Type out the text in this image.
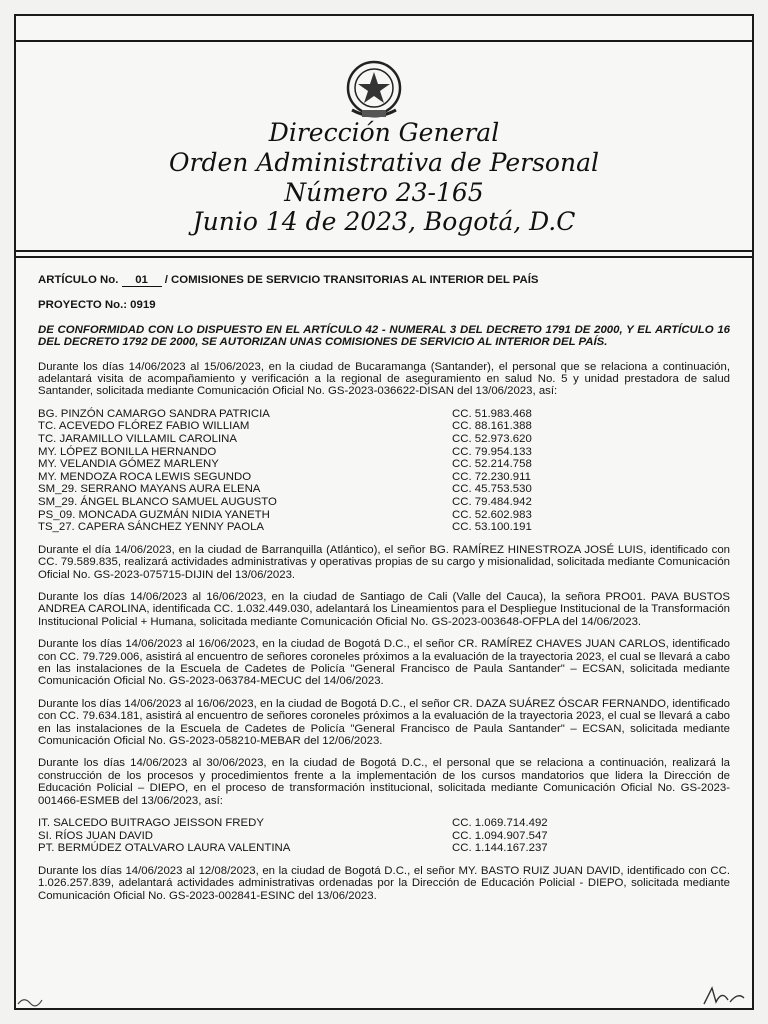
Dirección General
Orden Administrativa de Personal
Número 23-165
Junio 14 de 2023, Bogotá, D.C

ARTÍCULO No. 01 / COMISIONES DE SERVICIO TRANSITORIAS AL INTERIOR DEL PAÍS

PROYECTO No.: 0919

DE CONFORMIDAD CON LO DISPUESTO EN EL ARTÍCULO 42 - NUMERAL 3 DEL DECRETO 1791 DE 2000, Y EL ARTÍCULO 16 DEL DECRETO 1792 DE 2000, SE AUTORIZAN UNAS COMISIONES DE SERVICIO AL INTERIOR DEL PAÍS.

Durante los días 14/06/2023 al 15/06/2023, en la ciudad de Bucaramanga (Santander), el personal que se relaciona a continuación, adelantará visita de acompañamiento y verificación a la regional de aseguramiento en salud No. 5 y unidad prestadora de salud Santander, solicitada mediante Comunicación Oficial No. GS-2023-036622-DISAN del 13/06/2023, así:

BG. PINZÓN CAMARGO SANDRA PATRICIA	CC. 51.983.468
TC. ACEVEDO FLÓREZ FABIO WILLIAM	CC. 88.161.388
TC. JARAMILLO VILLAMIL CAROLINA	CC. 52.973.620
MY. LÓPEZ BONILLA HERNANDO	CC. 79.954.133
MY. VELANDIA GÓMEZ MARLENY	CC. 52.214.758
MY. MENDOZA ROCA LEWIS SEGUNDO	CC. 72.230.911
SM_29. SERRANO MAYANS AURA ELENA	CC. 45.753.530
SM_29. ÁNGEL BLANCO SAMUEL AUGUSTO	CC. 79.484.942
PS_09. MONCADA GUZMÁN NIDIA YANETH	CC. 52.602.983
TS_27. CAPERA SÁNCHEZ YENNY PAOLA	CC. 53.100.191

Durante el día 14/06/2023, en la ciudad de Barranquilla (Atlántico), el señor BG. RAMÍREZ HINESTROZA JOSÉ LUIS, identificado con CC. 79.589.835, realizará actividades administrativas y operativas propias de su cargo y misionalidad, solicitada mediante Comunicación Oficial No. GS-2023-075715-DIJIN del 13/06/2023.

Durante los días 14/06/2023 al 16/06/2023, en la ciudad de Santiago de Cali (Valle del Cauca), la señora PRO01. PAVA BUSTOS ANDREA CAROLINA, identificada CC. 1.032.449.030, adelantará los Lineamientos para el Despliegue Institucional de la Transformación Institucional Policial + Humana, solicitada mediante Comunicación Oficial No. GS-2023-003648-OFPLA del 14/06/2023.

Durante los días 14/06/2023 al 16/06/2023, en la ciudad de Bogotá D.C., el señor CR. RAMÍREZ CHAVES JUAN CARLOS, identificado con CC. 79.729.006, asistirá al encuentro de señores coroneles próximos a la evaluación de la trayectoria 2023, el cual se llevará a cabo en las instalaciones de la Escuela de Cadetes de Policía "General Francisco de Paula Santander" – ECSAN, solicitada mediante Comunicación Oficial No. GS-2023-063784-MECUC del 14/06/2023.

Durante los días 14/06/2023 al 16/06/2023, en la ciudad de Bogotá D.C., el señor CR. DAZA SUÁREZ ÓSCAR FERNANDO, identificado con CC. 79.634.181, asistirá al encuentro de señores coroneles próximos a la evaluación de la trayectoria 2023, el cual se llevará a cabo en las instalaciones de la Escuela de Cadetes de Policía "General Francisco de Paula Santander" – ECSAN, solicitada mediante Comunicación Oficial No. GS-2023-058210-MEBAR del 12/06/2023.

Durante los días 14/06/2023 al 30/06/2023, en la ciudad de Bogotá D.C., el personal que se relaciona a continuación, realizará la construcción de los procesos y procedimientos frente a la implementación de los cursos mandatorios que lidera la Dirección de Educación Policial – DIEPO, en el proceso de transformación institucional, solicitada mediante Comunicación Oficial No. GS-2023-001466-ESMEB del 13/06/2023, así:

IT. SALCEDO BUITRAGO JEISSON FREDY	CC. 1.069.714.492
SI. RÍOS JUAN DAVID	CC. 1.094.907.547
PT. BERMÚDEZ OTALVARO LAURA VALENTINA	CC. 1.144.167.237

Durante los días 14/06/2023 al 12/08/2023, en la ciudad de Bogotá D.C., el señor MY. BASTO RUIZ JUAN DAVID, identificado con CC. 1.026.257.839, adelantará actividades administrativas ordenadas por la Dirección de Educación Policial - DIEPO, solicitada mediante Comunicación Oficial No. GS-2023-002841-ESINC del 13/06/2023.
